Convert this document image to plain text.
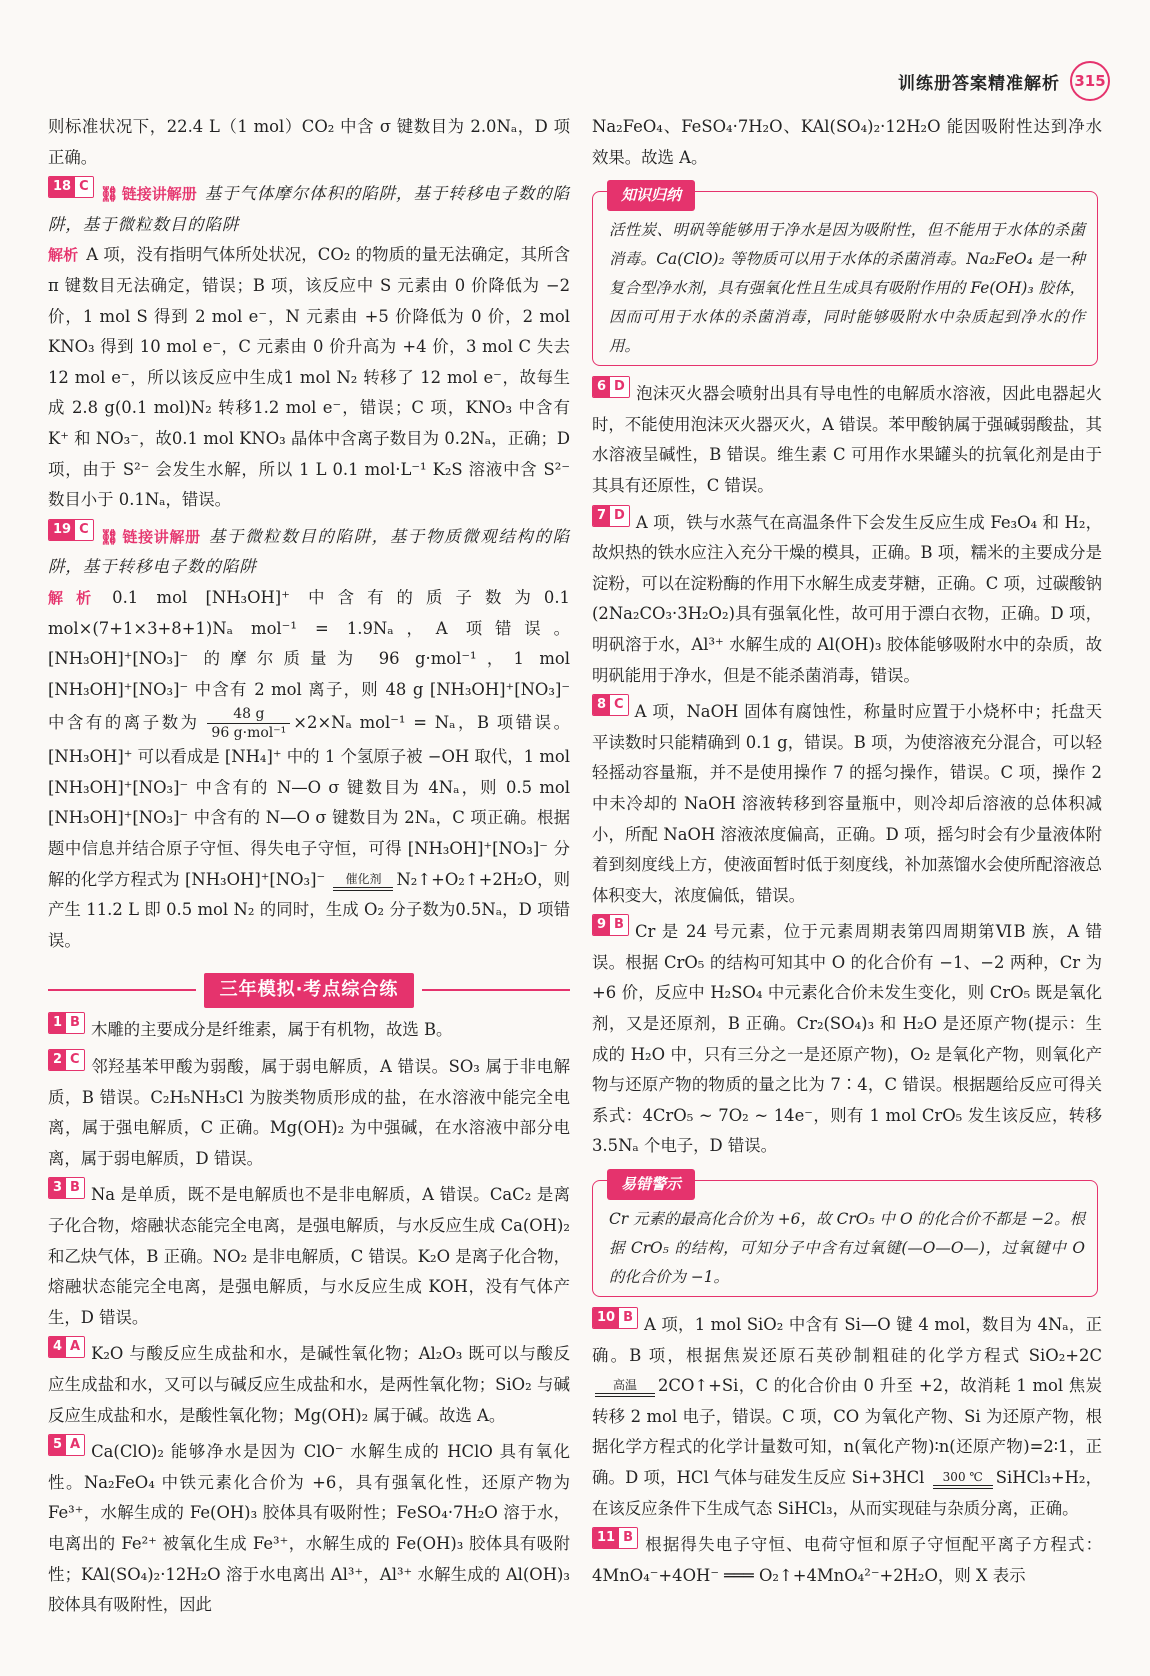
训练册答案精准解析 315

则标准状况下，22.4 L（1 mol）CO₂ 中含 σ 键数目为 2.0Nₐ，D 项正确。

18 C ⛓ 链接讲解册 基于气体摩尔体积的陷阱，基于转移电子数的陷阱，基于微粒数目的陷阱
解析 A 项，没有指明气体所处状况，CO₂ 的物质的量无法确定，其所含 π 键数目无法确定，错误；B 项，该反应中 S 元素由 0 价降低为 −2 价，1 mol S 得到 2 mol e⁻，N 元素由 +5 价降低为 0 价，2 mol KNO₃ 得到 10 mol e⁻，C 元素由 0 价升高为 +4 价，3 mol C 失去 12 mol e⁻，所以该反应中生成1 mol N₂ 转移了 12 mol e⁻，故每生成 2.8 g(0.1 mol)N₂ 转移1.2 mol e⁻，错误；C 项，KNO₃ 中含有 K⁺ 和 NO₃⁻，故0.1 mol KNO₃ 晶体中含离子数目为 0.2Nₐ，正确；D 项，由于 S²⁻ 会发生水解，所以 1 L 0.1 mol·L⁻¹ K₂S 溶液中含 S²⁻ 数目小于 0.1Nₐ，错误。
19 C ⛓ 链接讲解册 基于微粒数目的陷阱，基于物质微观结构的陷阱，基于转移电子数的陷阱
解析 0.1 mol [NH₃OH]⁺ 中含有的质子数为0.1 mol×(7+1×3+8+1)Nₐ mol⁻¹ = 1.9Nₐ，A 项错误。[NH₃OH]⁺[NO₃]⁻ 的摩尔质量为 96 g·mol⁻¹，1 mol [NH₃OH]⁺[NO₃]⁻ 中含有 2 mol 离子，则 48 g [NH₃OH]⁺[NO₃]⁻ 中含有的离子数为 $\frac{48 g}{\text{96 g·mol⁻¹}} \times 2\times N_a$ mol⁻¹ = Nₐ，B 项错误。[NH₃OH]⁺ 可以看成是 [NH₄]⁺ 中的 1 个氢原子被 −OH 取代，1 mol [NH₃OH]⁺[NO₃]⁻ 中含有的 N—O σ 键数目为 4Nₐ，则 0.5 mol [NH₃OH]⁺[NO₃]⁻ 中含有的 N—O σ 键数目为 2Nₐ，C 项正确。根据题中信息并结合原子守恒、得失电子守恒，可得 [NH₃OH]⁺[NO₃]⁻ 分解的化学方程式为 [NH₃OH]⁺[NO₃]⁻	催化剂 N₂↑+O₂↑+2H₂O，则产生 11.2 L 即 0.5 mol N₂ 的同时，生成 O₂ 分子数为0.5Nₐ，D 项错误。
三年模拟·考点综合练
1 B 木雕的主要成分是纤维素，属于有机物，故选 B。
2 C 邻羟基苯甲酸为弱酸，属于弱电解质，A 错误。SO₃ 属于非电解质，B 错误。C₂H₅NH₃Cl 为胺类物质形成的盐，在水溶液中能完全电离，属于强电解质，C 正确。Mg(OH)₂ 为中强碱，在水溶液中部分电离，属于弱电解质，D 错误。
3 B Na 是单质，既不是电解质也不是非电解质，A 错误。CaC₂ 是离子化合物，熔融状态能完全电离，是强电解质，与水反应生成 Ca(OH)₂ 和乙炔气体，B 正确。NO₂ 是非电解质，C 错误。K₂O 是离子化合物，熔融状态能完全电离，是强电解质，与水反应生成 KOH，没有气体产生，D 错误。
4 A K₂O 与酸反应生成盐和水，是碱性氧化物；Al₂O₃ 既可以与酸反应生成盐和水，又可以与碱反应生成盐和水，是两性氧化物；SiO₂ 与碱反应生成盐和水，是酸性氧化物；Mg(OH)₂ 属于碱。故选 A。
5 A Ca(ClO)₂ 能够净水是因为 ClO⁻ 水解生成的 HClO 具有氧化性。Na₂FeO₄ 中铁元素化合价为 +6，具有强氧化性，还原产物为 Fe³⁺，水解生成的 Fe(OH)₃ 胶体具有吸附性；FeSO₄·7H₂O 溶于水，电离出的 Fe²⁺ 被氧化生成 Fe³⁺，水解生成的 Fe(OH)₃ 胶体具有吸附性；KAl(SO₄)₂·12H₂O 溶于水电离出 Al³⁺，Al³⁺ 水解生成的 Al(OH)₃ 胶体具有吸附性，因此

Na₂FeO₄、FeSO₄·7H₂O、KAl(SO₄)₂·12H₂O 能因吸附性达到净水效果。故选 A。

知识归纳
活性炭、明矾等能够用于净水是因为吸附性，但不能用于水体的杀菌消毒。Ca(ClO)₂ 等物质可以用于水体的杀菌消毒。Na₂FeO₄ 是一种复合型净水剂，具有强氧化性且生成具有吸附作用的 Fe(OH)₃ 胶体，因而可用于水体的杀菌消毒，同时能够吸附水中杂质起到净水的作用。
6 D 泡沫灭火器会喷射出具有导电性的电解质水溶液，因此电器起火时，不能使用泡沫灭火器灭火，A 错误。苯甲酸钠属于强碱弱酸盐，其水溶液呈碱性，B 错误。维生素 C 可用作水果罐头的抗氧化剂是由于其具有还原性，C 错误。
7 D A 项，铁与水蒸气在高温条件下会发生反应生成 Fe₃O₄ 和 H₂，故炽热的铁水应注入充分干燥的模具，正确。B 项，糯米的主要成分是淀粉，可以在淀粉酶的作用下水解生成麦芽糖，正确。C 项，过碳酸钠(2Na₂CO₃·3H₂O₂)具有强氧化性，故可用于漂白衣物，正确。D 项，明矾溶于水，Al³⁺ 水解生成的 Al(OH)₃ 胶体能够吸附水中的杂质，故明矾能用于净水，但是不能杀菌消毒，错误。
8 C A 项，NaOH 固体有腐蚀性，称量时应置于小烧杯中；托盘天平读数时只能精确到 0.1 g，错误。B 项，为使溶液充分混合，可以轻轻摇动容量瓶，并不是使用操作 7 的摇匀操作，错误。C 项，操作 2 中未冷却的 NaOH 溶液转移到容量瓶中，则冷却后溶液的总体积减小，所配 NaOH 溶液浓度偏高，正确。D 项，摇匀时会有少量液体附着到刻度线上方，使液面暂时低于刻度线，补加蒸馏水会使所配溶液总体积变大，浓度偏低，错误。
9 B Cr 是 24 号元素，位于元素周期表第四周期第ⅥB 族，A 错误。根据 CrO₅ 的结构可知其中 O 的化合价有 −1、−2 两种，Cr 为 +6 价，反应中 H₂SO₄ 中元素化合价未发生变化，则 CrO₅ 既是氧化剂，又是还原剂，B 正确。Cr₂(SO₄)₃ 和 H₂O 是还原产物(提示：生成的 H₂O 中，只有三分之一是还原产物)，O₂ 是氧化产物，则氧化产物与还原产物的物质的量之比为 7∶4，C 错误。根据题给反应可得关系式：4CrO₅ ~ 7O₂ ~ 14e⁻，则有 1 mol CrO₅ 发生该反应，转移 3.5Nₐ 个电子，D 错误。
易错警示
Cr 元素的最高化合价为 +6，故 CrO₅ 中 O 的化合价不都是 −2。根据 CrO₅ 的结构，可知分子中含有过氧键(—O—O—)，过氧键中 O 的化合价为 −1。
10 B A 项，1 mol SiO₂ 中含有 Si—O 键 4 mol，数目为 4Nₐ，正确。B 项，根据焦炭还原石英砂制粗硅的化学方程式 SiO₂+2C
高温	2CO↑+Si，C 的化合价由 0 升至 +2，故消耗 1 mol 焦炭转移 2 mol 电子，错误。C 项，CO 为氧化产物、Si 为还原产物，根据化学方程式的化学计量数可知，n(氧化产物)∶n(还原产物)=2∶1，正确。D 项，HCl 气体与硅发生反应 Si+3HCl	300 ℃ SiHCl₃+H₂，在该反应条件下生成气态 SiHCl₃，从而实现硅与杂质分离，正确。
11 B 根据得失电子守恒、电荷守恒和原子守恒配平离子方程式：4MnO₄⁻+4OH⁻ ═══ O₂↑+4MnO₄²⁻+2H₂O，则 X 表示
